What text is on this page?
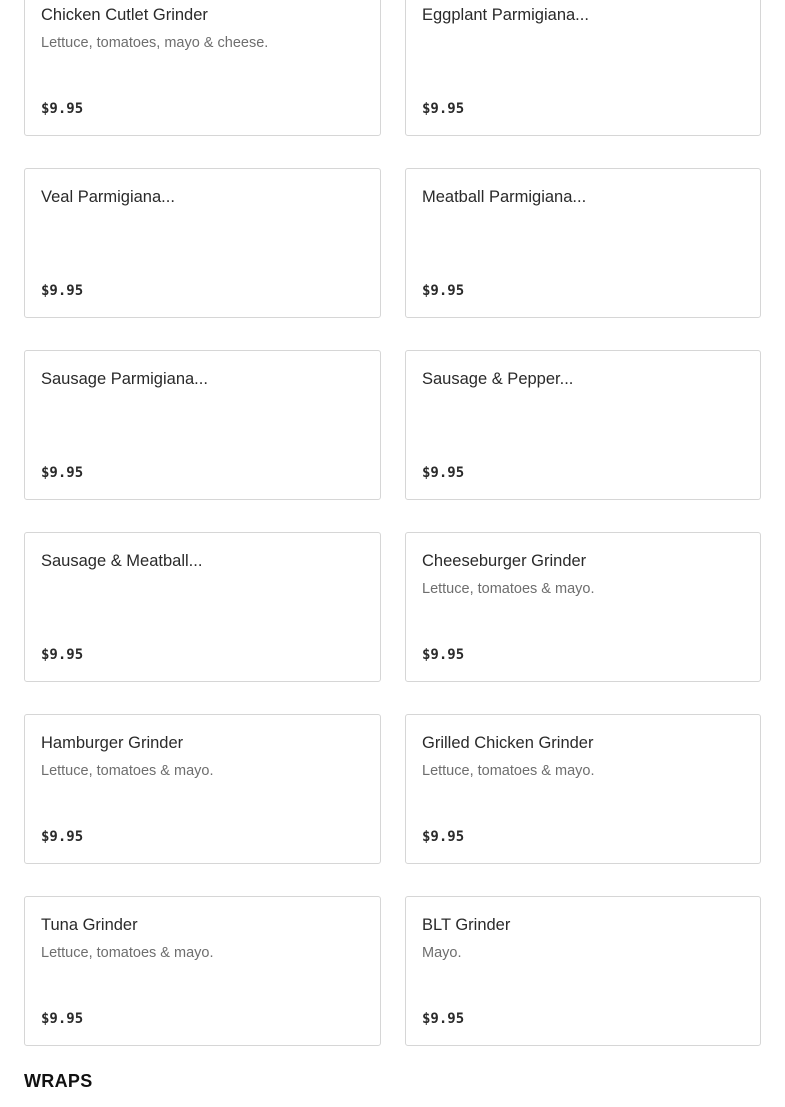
Chicken Cutlet Grinder
Lettuce, tomatoes, mayo & cheese.
$9.95
Eggplant Parmigiana...
$9.95
Veal Parmigiana...
$9.95
Meatball Parmigiana...
$9.95
Sausage Parmigiana...
$9.95
Sausage & Pepper...
$9.95
Sausage & Meatball...
$9.95
Cheeseburger Grinder
Lettuce, tomatoes & mayo.
$9.95
Hamburger Grinder
Lettuce, tomatoes & mayo.
$9.95
Grilled Chicken Grinder
Lettuce, tomatoes & mayo.
$9.95
Tuna Grinder
Lettuce, tomatoes & mayo.
$9.95
BLT Grinder
Mayo.
$9.95
WRAPS
